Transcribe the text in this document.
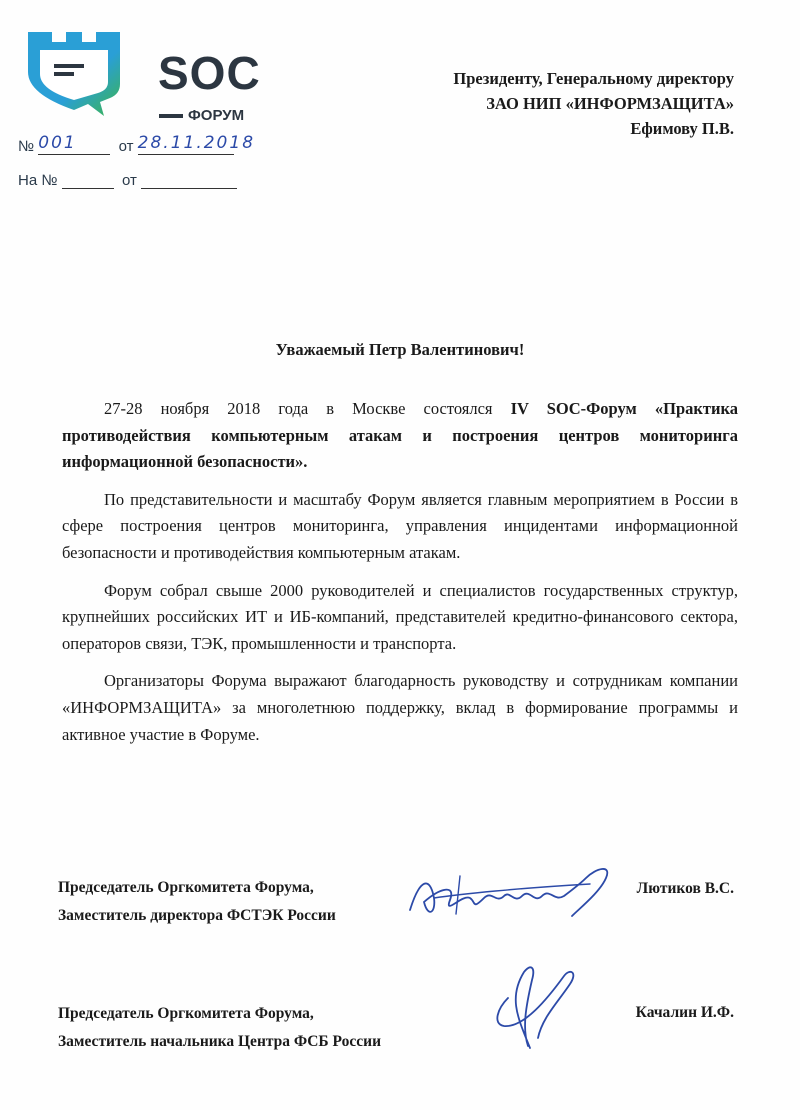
SOC
ФОРУМ
№ 001	от 28.11.2018
На №	от
Президенту, Генеральному директору
ЗАО НИП «ИНФОРМЗАЩИТА»
Ефимову П.В.
Уважаемый Петр Валентинович!

27-28 ноября 2018 года в Москве состоялся IV SOC-Форум «Практика противодействия компьютерным атакам и построения центров мониторинга информационной безопасности».

По представительности и масштабу Форум является главным мероприятием в России в сфере построения центров мониторинга, управления инцидентами информационной безопасности и противодействия компьютерным атакам.

Форум собрал свыше 2000 руководителей и специалистов государственных структур, крупнейших российских ИТ и ИБ-компаний, представителей кредитно-финансового сектора, операторов связи, ТЭК, промышленности и транспорта.

Организаторы Форума выражают благодарность руководству и сотрудникам компании «ИНФОРМЗАЩИТА» за многолетнюю поддержку, вклад в формирование программы и активное участие в Форуме.

Председатель Оргкомитета Форума,
Заместитель директора ФСТЭК России
Лютиков В.С.
Председатель Оргкомитета Форума,
Заместитель начальника Центра ФСБ России
Качалин И.Ф.
